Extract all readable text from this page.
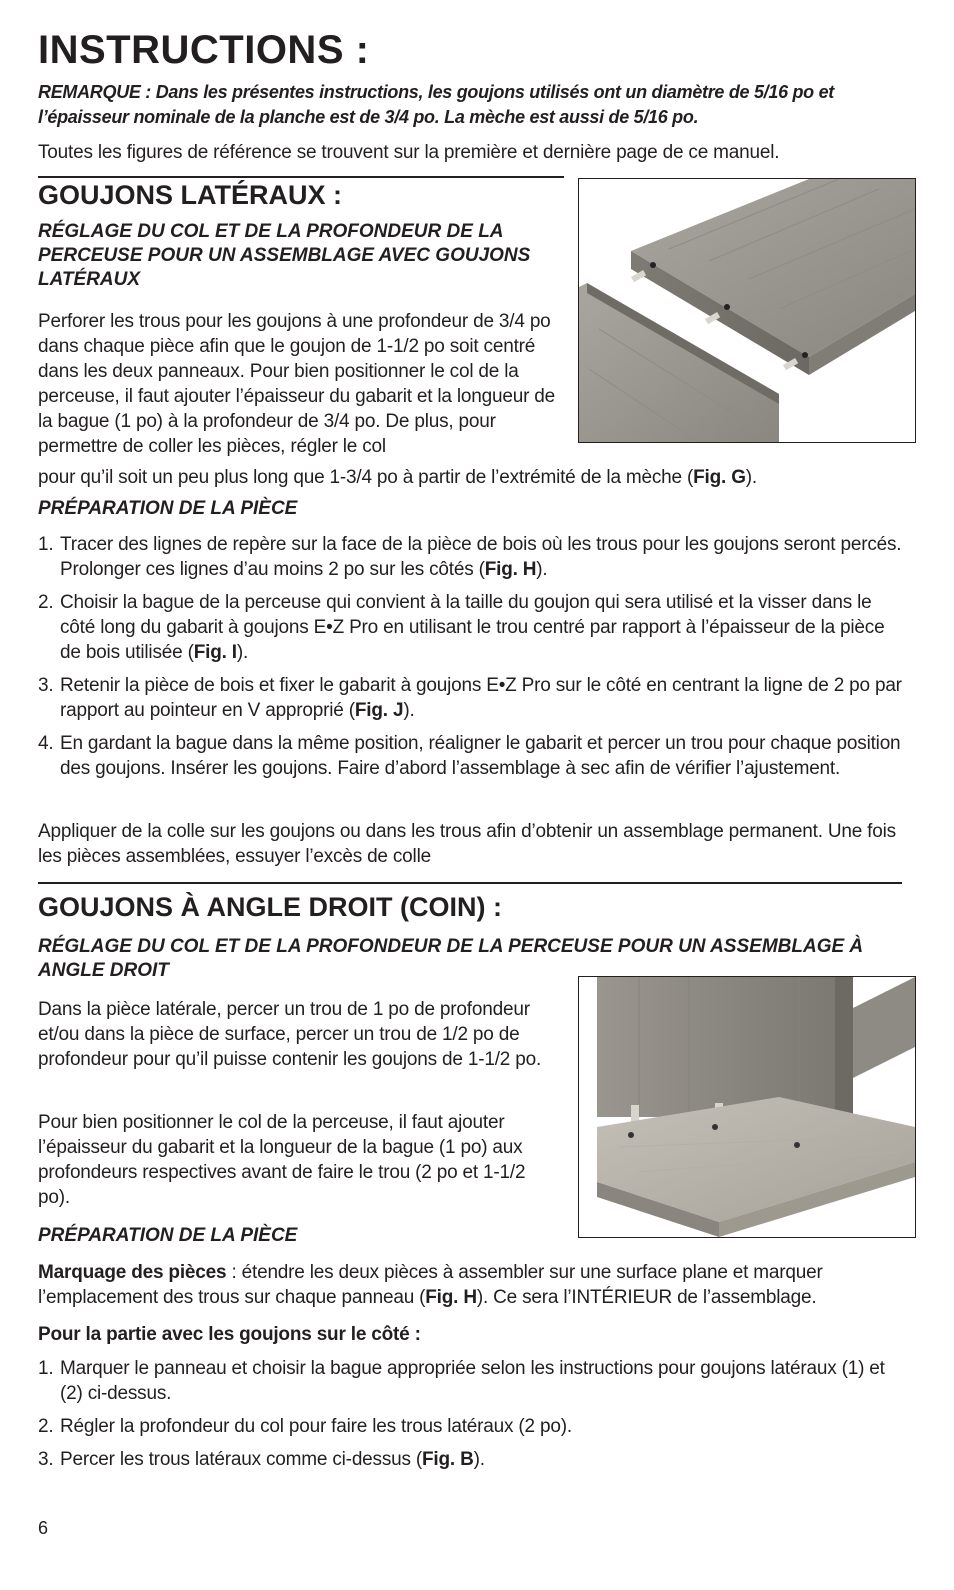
INSTRUCTIONS :
REMARQUE : Dans les présentes instructions, les goujons utilisés ont un diamètre de 5/16 po et l’épaisseur nominale de la planche est de 3/4 po. La mèche est aussi de 5/16 po.
Toutes les figures de référence se trouvent sur la première et dernière page de ce manuel.
GOUJONS LATÉRAUX :
RÉGLAGE DU COL ET DE LA PROFONDEUR DE LA PERCEUSE POUR UN ASSEMBLAGE AVEC GOUJONS LATÉRAUX
Perforer les trous pour les goujons à une profondeur de 3/4 po dans chaque pièce afin que le goujon de 1-1/2 po soit centré dans les deux panneaux. Pour bien positionner le col de la perceuse, il faut ajouter l’épaisseur du gabarit et la longueur de la bague (1 po) à la profondeur de 3/4 po. De plus, pour permettre de coller les pièces, régler le col
pour qu’il soit un peu plus long que 1-3/4 po à partir de l’extrémité de la mèche (Fig. G).
PRÉPARATION DE LA PIÈCE
1. Tracer des lignes de repère sur la face de la pièce de bois où les trous pour les goujons seront percés. Prolonger ces lignes d’au moins 2 po sur les côtés (Fig. H).
2. Choisir la bague de la perceuse qui convient à la taille du goujon qui sera utilisé et la visser dans le côté long du gabarit à goujons E•Z Pro en utilisant le trou centré par rapport à l’épaisseur de la pièce de bois utilisée (Fig. I).
3. Retenir la pièce de bois et fixer le gabarit à goujons E•Z Pro sur le côté en centrant la ligne de 2 po par rapport au pointeur en V approprié (Fig. J).
4. En gardant la bague dans la même position, réaligner le gabarit et percer un trou pour chaque position des goujons. Insérer les goujons. Faire d’abord l’assemblage à sec afin de vérifier l’ajustement.
Appliquer de la colle sur les goujons ou dans les trous afin d’obtenir un assemblage permanent. Une fois les pièces assemblées, essuyer l’excès de colle
GOUJONS À ANGLE DROIT (COIN) :
RÉGLAGE DU COL ET DE LA PROFONDEUR DE LA PERCEUSE POUR UN ASSEMBLAGE À ANGLE DROIT
Dans la pièce latérale, percer un trou de 1 po de profondeur et/ou dans la pièce de surface, percer un trou de 1/2 po de profondeur pour qu’il puisse contenir les goujons de 1-1/2 po.
Pour bien positionner le col de la perceuse, il faut ajouter l’épaisseur du gabarit et la longueur de la bague (1 po) aux profondeurs respectives avant de faire le trou (2 po et 1-1/2 po).
PRÉPARATION DE LA PIÈCE
Marquage des pièces : étendre les deux pièces à assembler sur une surface plane et marquer l’emplacement des trous sur chaque panneau (Fig. H). Ce sera l’INTÉRIEUR de l’assemblage.
Pour la partie avec les goujons sur le côté :
1. Marquer le panneau et choisir la bague appropriée selon les instructions pour goujons latéraux (1) et (2) ci-dessus.
2. Régler la profondeur du col pour faire les trous latéraux (2 po).
3. Percer les trous latéraux comme ci-dessus (Fig. B).
6
